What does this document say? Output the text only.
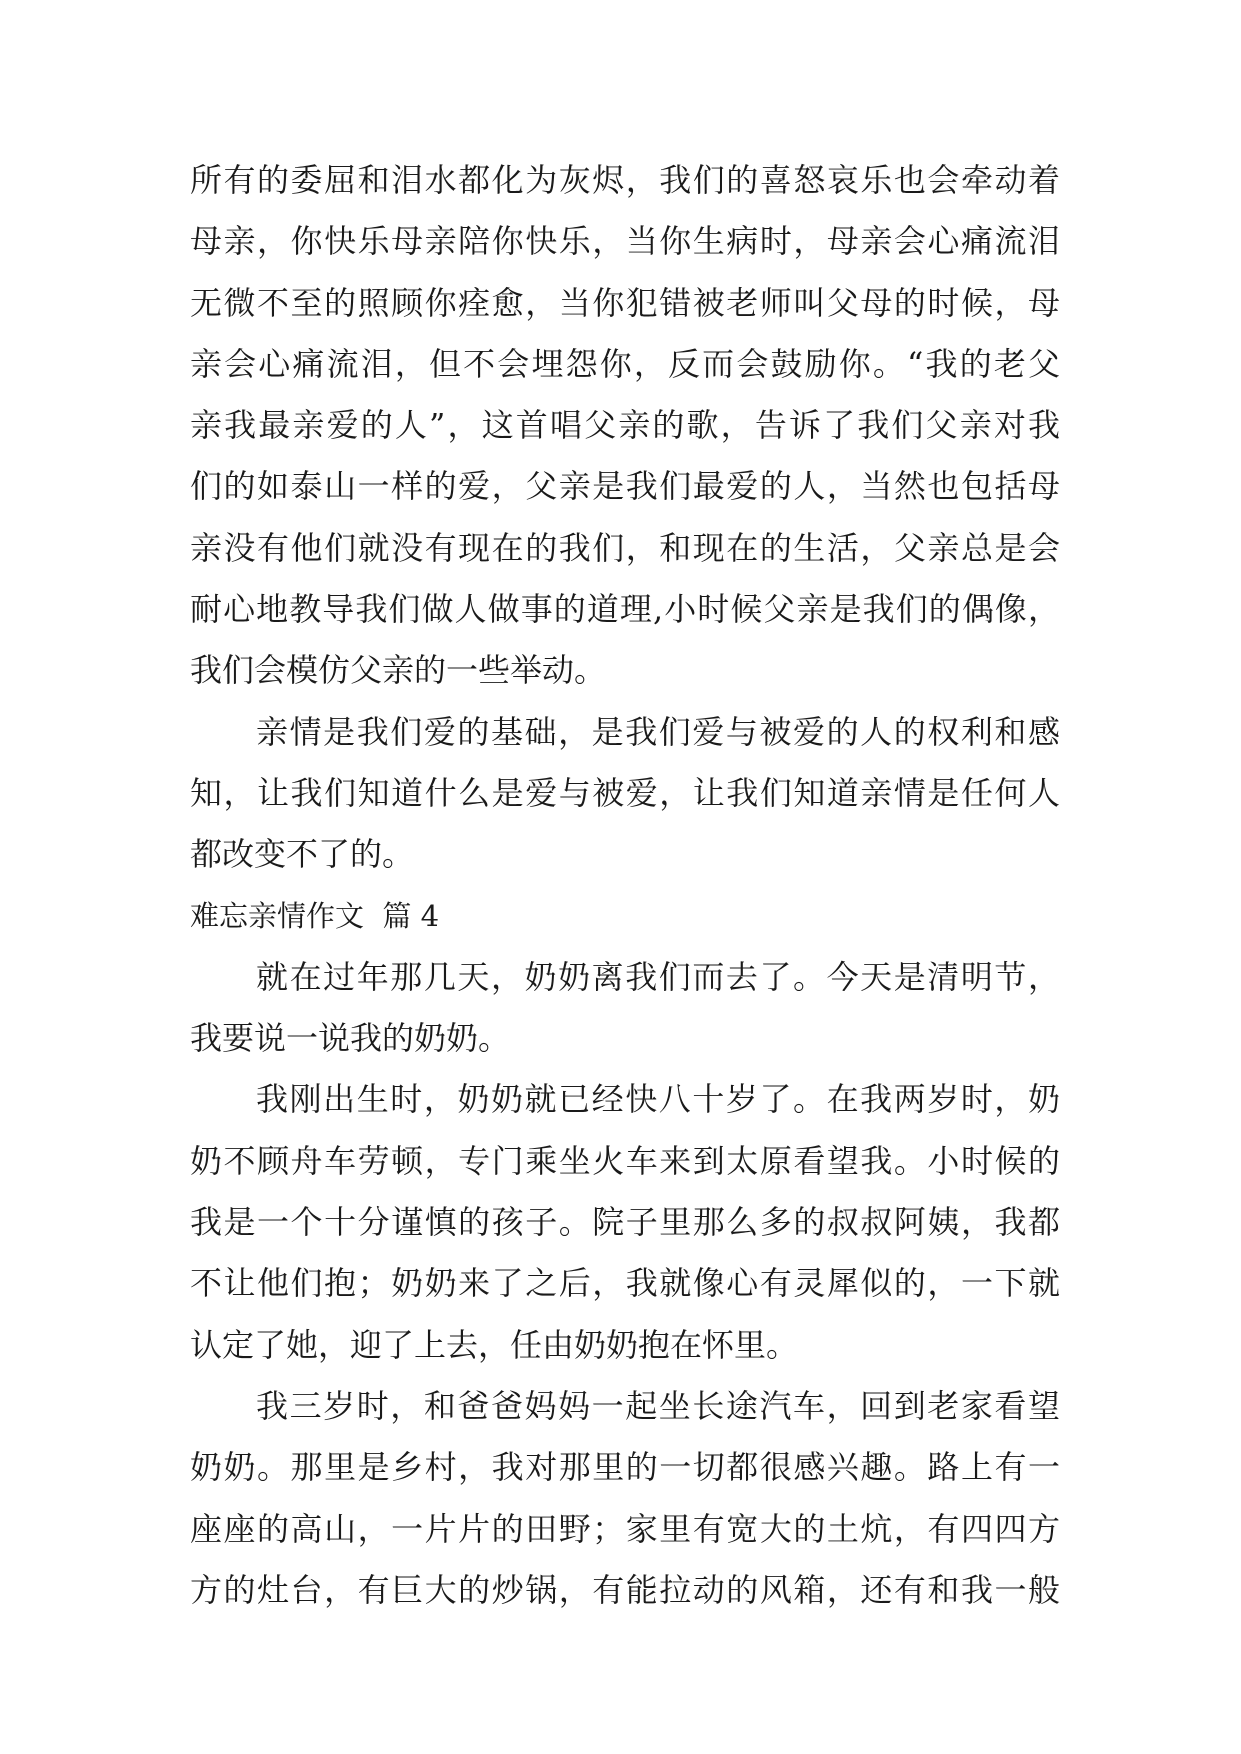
所有的委屈和泪水都化为灰烬，我们的喜怒哀乐也会牵动着
母亲，你快乐母亲陪你快乐，当你生病时，母亲会心痛流泪
无微不至的照顾你痊愈，当你犯错被老师叫父母的时候，母
亲会心痛流泪，但不会埋怨你，反而会鼓励你。“我的老父
亲我最亲爱的人”，这首唱父亲的歌，告诉了我们父亲对我
们的如泰山一样的爱，父亲是我们最爱的人，当然也包括母
亲没有他们就没有现在的我们，和现在的生活，父亲总是会
耐心地教导我们做人做事的道理,小时候父亲是我们的偶像，
我们会模仿父亲的一些举动。
亲情是我们爱的基础，是我们爱与被爱的人的权利和感
知，让我们知道什么是爱与被爱，让我们知道亲情是任何人
都改变不了的。
难忘亲情作文  篇 4
就在过年那几天，奶奶离我们而去了。今天是清明节，
我要说一说我的奶奶。
我刚出生时，奶奶就已经快八十岁了。在我两岁时，奶
奶不顾舟车劳顿，专门乘坐火车来到太原看望我。小时候的
我是一个十分谨慎的孩子。院子里那么多的叔叔阿姨，我都
不让他们抱；奶奶来了之后，我就像心有灵犀似的，一下就
认定了她，迎了上去，任由奶奶抱在怀里。
我三岁时，和爸爸妈妈一起坐长途汽车，回到老家看望
奶奶。那里是乡村，我对那里的一切都很感兴趣。路上有一
座座的高山，一片片的田野；家里有宽大的土炕，有四四方
方的灶台，有巨大的炒锅，有能拉动的风箱，还有和我一般
